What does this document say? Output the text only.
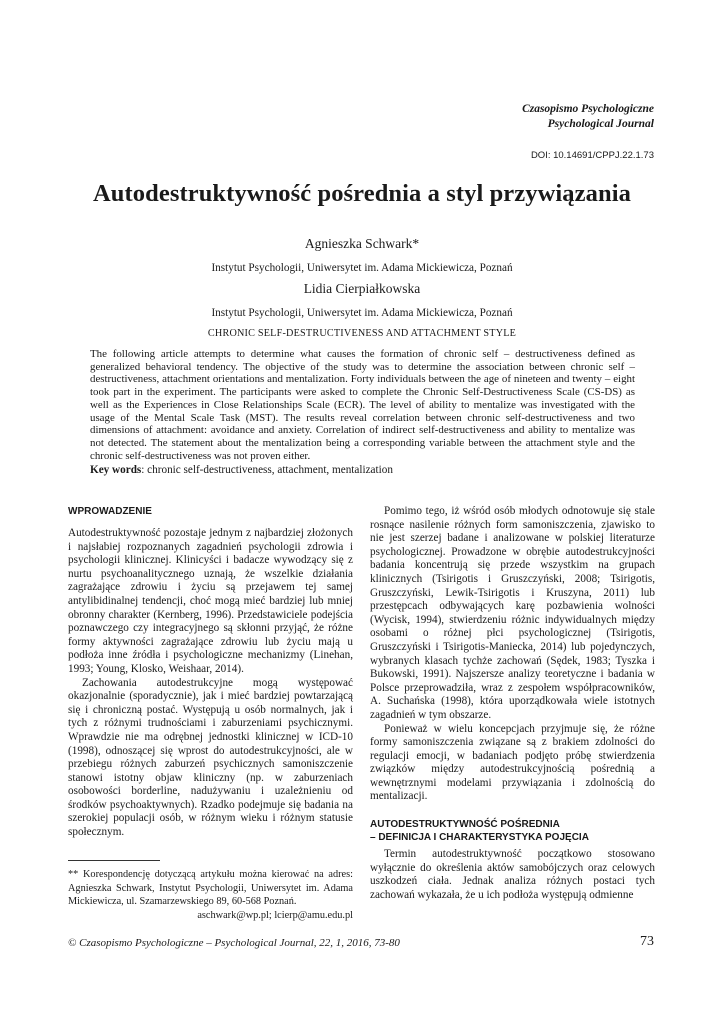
Czasopismo Psychologiczne
Psychological Journal
DOI: 10.14691/CPPJ.22.1.73
Autodestruktywność pośrednia a styl przywiązania
Agnieszka Schwark*
Instytut Psychologii, Uniwersytet im. Adama Mickiewicza, Poznań
Lidia Cierpiałkowska
Instytut Psychologii, Uniwersytet im. Adama Mickiewicza, Poznań
CHRONIC SELF-DESTRUCTIVENESS AND ATTACHMENT STYLE
The following article attempts to determine what causes the formation of chronic self – destructiveness defined as generalized behavioral tendency. The objective of the study was to determine the association between chronic self – destructiveness, attachment orientations and mentalization. Forty individuals between the age of nineteen and twenty – eight took part in the experiment. The participants were asked to complete the Chronic Self-Destructiveness Scale (CS-DS) as well as the Experiences in Close Relationships Scale (ECR). The level of ability to mentalize was investigated with the usage of the Mental Scale Task (MST). The results reveal correlation between chronic self-destructiveness and two dimensions of attachment: avoidance and anxiety. Correlation of indirect self-destructiveness and ability to mentalize was not detected. The statement about the mentalization being a corresponding variable between the attachment style and the chronic self-destructiveness was not proven either.
Key words: chronic self-destructiveness, attachment, mentalization
WPROWADZENIE

Autodestruktywność pozostaje jednym z najbardziej złożonych i najsłabiej rozpoznanych zagadnień psychologii zdrowia i psychologii klinicznej. Klinicyści i badacze wywodzący się z nurtu psychoanalitycznego uznają, że wszelkie działania zagrażające zdrowiu i życiu są przejawem tej samej antylibidinalnej tendencji, choć mogą mieć bardziej lub mniej obronny charakter (Kernberg, 1996). Przedstawiciele podejścia poznawczego czy integracyjnego są skłonni przyjąć, że różne formy aktywności zagrażające zdrowiu lub życiu mają u podłoża inne źródła i psychologiczne mechanizmy (Linehan, 1993; Young, Klosko, Weishaar, 2014).

Zachowania autodestrukcyjne mogą występować okazjonalnie (sporadycznie), jak i mieć bardziej powtarzającą się i chroniczną postać. Występują u osób normalnych, jak i tych z różnymi trudnościami i zaburzeniami psychicznymi. Wprawdzie nie ma odrębnej jednostki klinicznej w ICD-10 (1998), odnoszącej się wprost do autodestrukcyjności, ale w przebiegu różnych zaburzeń psychicznych samoniszczenie stanowi istotny objaw kliniczny (np. w zaburzeniach osobowości borderline, nadużywaniu i uzależnieniu od środków psychoaktywnych). Rzadko podejmuje się badania na szerokiej populacji osób, w różnym wieku i różnym statusie społecznym.

** Korespondencję dotyczącą artykułu można kierować na adres: Agnieszka Schwark, Instytut Psychologii, Uniwersytet im. Adama Mickiewicza, ul. Szamarzewskiego 89, 60-568 Poznań.
aschwark@wp.pl; lcierp@amu.edu.pl

Pomimo tego, iż wśród osób młodych odnotowuje się stale rosnące nasilenie różnych form samoniszczenia, zjawisko to nie jest szerzej badane i analizowane w polskiej literaturze psychologicznej. Prowadzone w obrębie autodestrukcyjności badania koncentrują się przede wszystkim na grupach klinicznych (Tsirigotis i Gruszczyński, 2008; Tsirigotis, Gruszczyński, Lewik-Tsirigotis i Kruszyna, 2011) lub przestępcach odbywających karę pozbawienia wolności (Wycisk, 1994), stwierdzeniu różnic indywidualnych między osobami o różnej płci psychologicznej (Tsirigotis, Gruszczyński i Tsirigotis-Maniecka, 2014) lub pojedynczych, wybranych klasach tychże zachowań (Sędek, 1983; Tyszka i Bukowski, 1991). Najszersze analizy teoretyczne i badania w Polsce przeprowadziła, wraz z zespołem współpracowników, A. Suchańska (1998), która uporządkowała wiele istotnych zagadnień w tym obszarze.

Ponieważ w wielu koncepcjach przyjmuje się, że różne formy samoniszczenia związane są z brakiem zdolności do regulacji emocji, w badaniach podjęto próbę stwierdzenia związków między autodestrukcyjnością pośrednią a wewnętrznymi modelami przywiązania i zdolnością do mentalizacji.

AUTODESTRUKTYWNOŚĆ POŚREDNIA
– DEFINICJA I CHARAKTERYSTYKA POJĘCIA

Termin autodestruktywność początkowo stosowano wyłącznie do określenia aktów samobójczych oraz celowych uszkodzeń ciała. Jednak analiza różnych postaci tych zachowań wykazała, że u ich podłoża występują odmienne

© Czasopismo Psychologiczne – Psychological Journal, 22, 1, 2016, 73-80	73
